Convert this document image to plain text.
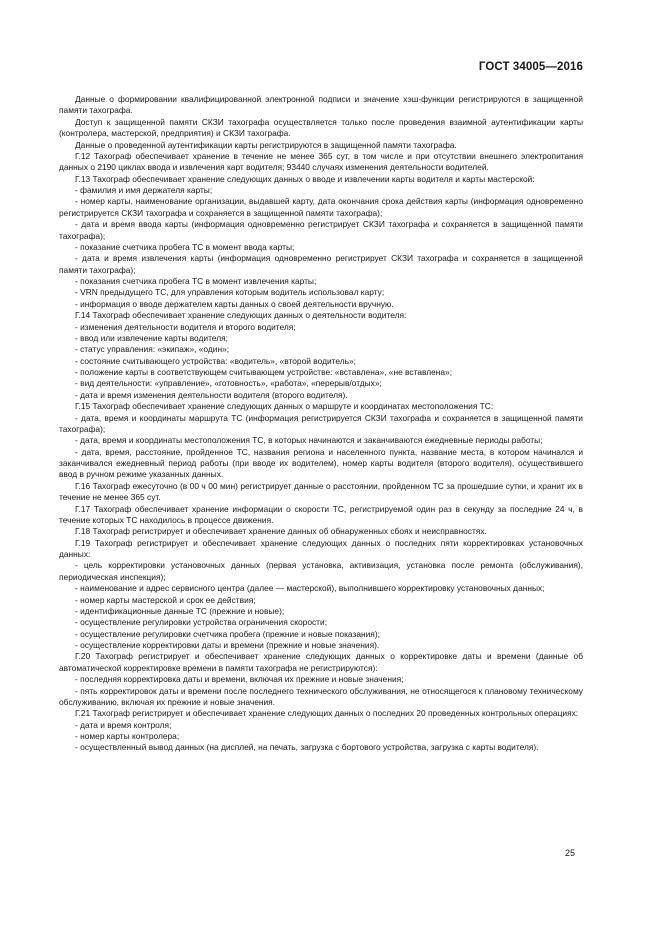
ГОСТ 34005—2016

Данные о формировании квалифицированной электронной подписи и значение хэш-функции регистрируются в защищенной памяти тахографа.

Доступ к защищенной памяти СКЗИ тахографа осуществляется только после проведения взаимной аутентификации карты (контролера, мастерской, предприятия) и СКЗИ тахографа.

Данные о проведенной аутентификации карты регистрируются в защищенной памяти тахографа.

Г.12 Тахограф обеспечивает хранение в течение не менее 365 сут, в том числе и при отсутствии внешнего электропитания данных о 2190 циклах ввода и извлечения карт водителя; 93440 случаях изменения деятельности водителей.

Г.13 Тахограф обеспечивает хранение следующих данных о вводе и извлечении карты водителя и карты мастерской:

- фамилия и имя держателя карты;

- номер карты, наименование организации, выдавшей карту, дата окончания срока действия карты (информация одновременно регистрируется СКЗИ тахографа и сохраняется в защищенной памяти тахографа);

- дата и время ввода карты (информация одновременно регистрирует СКЗИ тахографа и сохраняется в защищенной памяти тахографа);

- показание счетчика пробега ТС в момент ввода карты;

- дата и время извлечения карты (информация одновременно регистрирует СКЗИ тахографа и сохраняется в защищенной памяти тахографа);

- показания счетчика пробега ТС в момент извлечения карты;

- VRN предыдущего ТС, для управления которым водитель использовал карту;

- информация о вводе держателем карты данных о своей деятельности вручную.

Г.14 Тахограф обеспечивает хранение следующих данных о деятельности водителя:

- изменения деятельности водителя и второго водителя;

- ввод или извлечение карты водителя;

- статус управления: «экипаж», «один»;

- состояние считывающего устройства: «водитель», «второй водитель»;

- положение карты в соответствующем считывающем устройстве: «вставлена», «не вставлена»;

- вид деятельности: «управление», «готовность», «работа», «перерыв/отдых»;

- дата и время изменения деятельности водителя (второго водителя).

Г.15 Тахограф обеспечивает хранение следующих данных о маршруте и координатах местоположения ТС:

- дата, время и координаты маршрута ТС (информация регистрируется СКЗИ тахографа и сохраняется в защищенной памяти тахографа);

- дата, время и координаты местоположения ТС, в которых начинаются и заканчиваются ежедневные периоды работы;

- дата, время, расстояние, пройденное ТС, названия региона и населенного пункта, название места, в котором начинался и заканчивался ежедневный период работы (при вводе их водителем), номер карты водителя (второго водителя), осуществившего ввод в ручном режиме указанных данных.

Г.16 Тахограф ежесуточно (в 00 ч 00 мин) регистрирует данные о расстоянии, пройденном ТС за прошедшие сутки, и хранит их в течение не менее 365 сут.

Г.17 Тахограф обеспечивает хранение информации о скорости ТС, регистрируемой один раз в секунду за последние 24 ч, в течение которых ТС находилось в процессе движения.

Г.18 Тахограф регистрирует и обеспечивает хранение данных об обнаруженных сбоях и неисправностях.

Г.19 Тахограф регистрирует и обеспечивает хранение следующих данных о последних пяти корректировках установочных данных:

- цель корректировки установочных данных (первая установка, активизация, установка после ремонта (обслуживания), периодическая инспекция);

- наименование и адрес сервисного центра (далее — мастерской), выполнившего корректировку установочных данных;

- номер карты мастерской и срок ее действия;

- идентификационные данные ТС (прежние и новые);

- осуществление регулировки устройства ограничения скорости;

- осуществление регулировки счетчика пробега (прежние и новые показания);

- осуществление корректировки даты и времени (прежние и новые значения).

Г.20 Тахограф регистрирует и обеспечивает хранение следующих данных о корректировке даты и времени (данные об автоматической корректировке времени в памяти тахографа не регистрируются):

- последняя корректировка даты и времени, включая их прежние и новые значения;

- пять корректировок даты и времени после последнего технического обслуживания, не относящегося к плановому техническому обслуживанию, включая их прежние и новые значения.

Г.21 Тахограф регистрирует и обеспечивает хранение следующих данных о последних 20 проведенных контрольных операциях:

- дата и время контроля;

- номер карты контролера;

- осуществленный вывод данных (на дисплей, на печать, загрузка с бортового устройства, загрузка с карты водителя).

25
